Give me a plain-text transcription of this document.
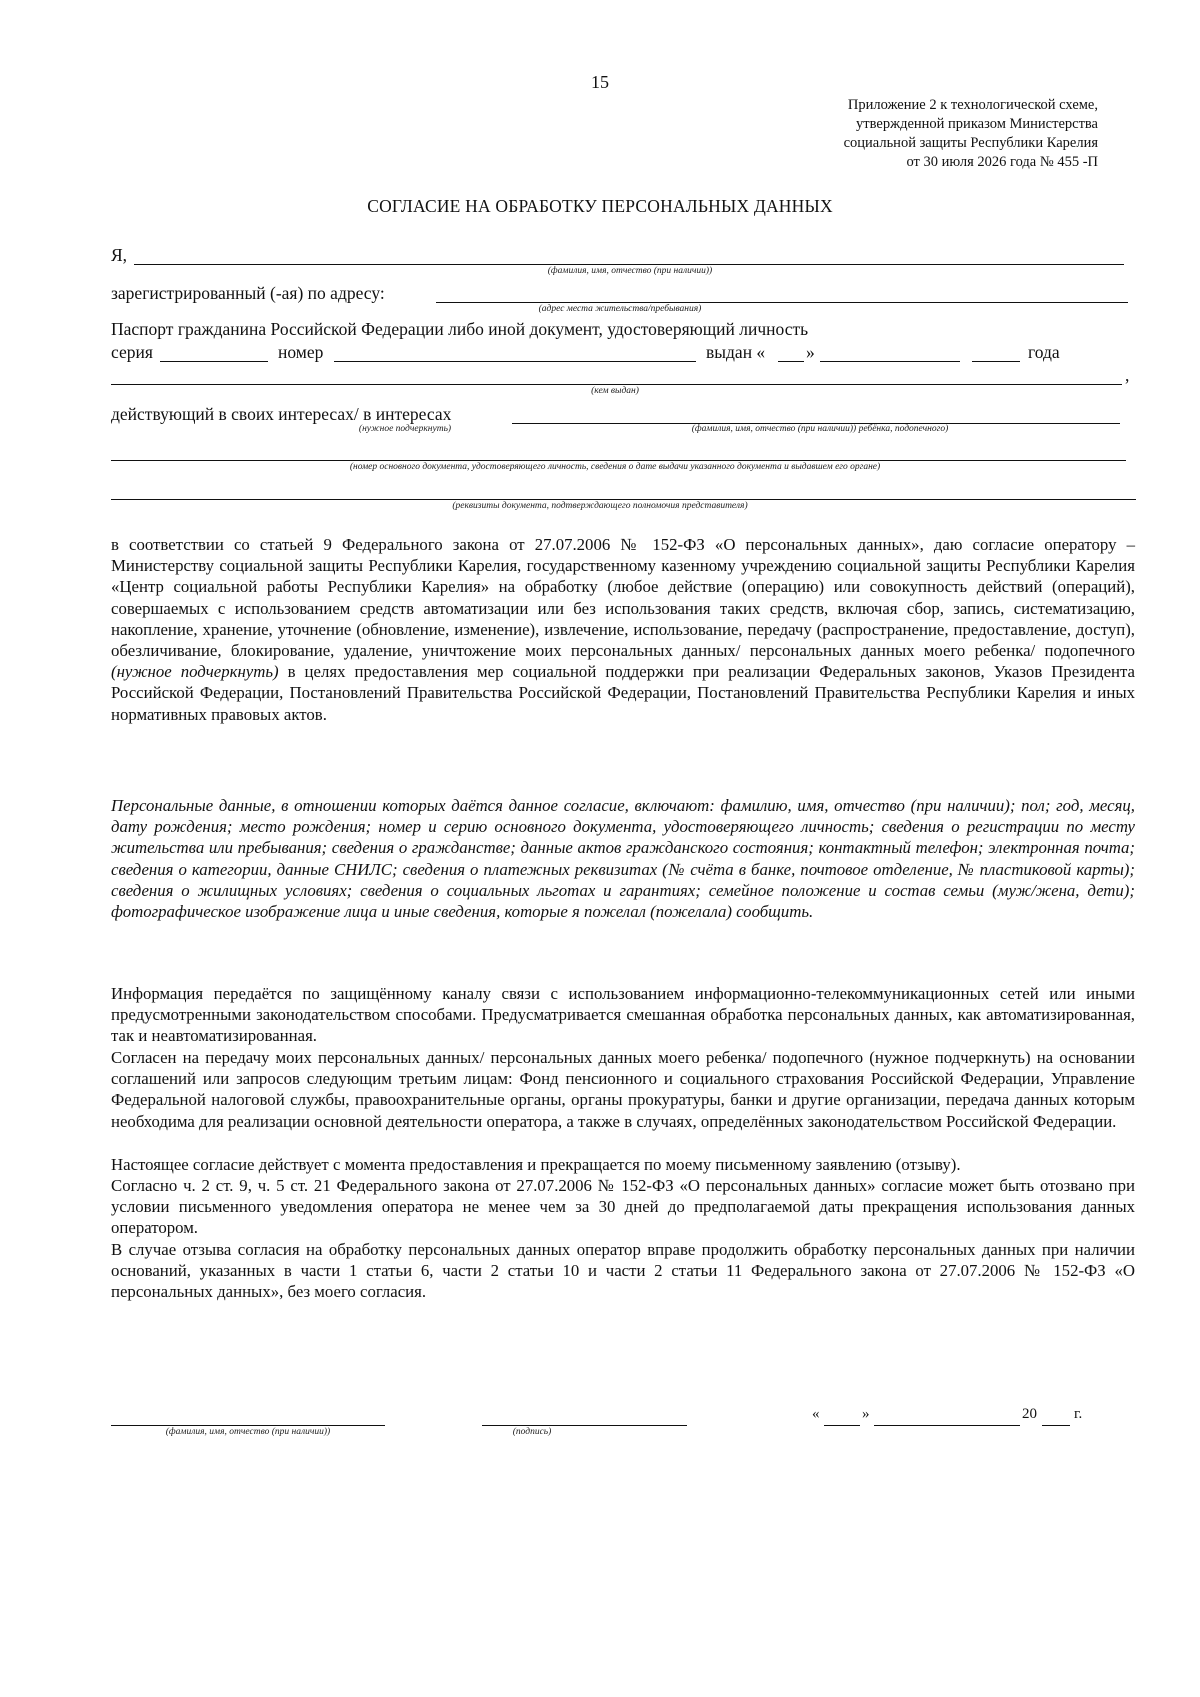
15
Приложение 2 к технологической схеме,
утвержденной приказом Министерства
социальной защиты Республики Карелия
от 30 июля 2026 года № 455 -П
СОГЛАСИЕ НА ОБРАБОТКУ ПЕРСОНАЛЬНЫХ ДАННЫХ
Я,
(фамилия, имя, отчество (при наличии))
зарегистрированный (-ая) по адресу:
(адрес места жительства/пребывания)
Паспорт гражданина Российской Федерации либо иной документ, удостоверяющий личность
серия	номер	выдан « »	года
,
(кем выдан)
действующий в своих интересах/ в интересах
(нужное подчеркнуть)	(фамилия, имя, отчество (при наличии)) ребёнка, подопечного)
(номер основного документа, удостоверяющего личность, сведения о дате выдачи указанного документа и выдавшем его органе)
(реквизиты документа, подтверждающего полномочия представителя)

в соответствии со статьей 9 Федерального закона от 27.07.2006 № 152-ФЗ «О персональных данных», даю согласие оператору – Министерству социальной защиты Республики Карелия, государственному казенному учреждению социальной защиты Республики Карелия «Центр социальной работы Республики Карелия» на обработку (любое действие (операцию) или совокупность действий (операций), совершаемых с использованием средств автоматизации или без использования таких средств, включая сбор, запись, систематизацию, накопление, хранение, уточнение (обновление, изменение), извлечение, использование, передачу (распространение, предоставление, доступ), обезличивание, блокирование, удаление, уничтожение моих персональных данных/ персональных данных моего ребенка/ подопечного (нужное подчеркнуть) в целях предоставления мер социальной поддержки при реализации Федеральных законов, Указов Президента Российской Федерации, Постановлений Правительства Российской Федерации, Постановлений Правительства Республики Карелия и иных нормативных правовых актов.

Персональные данные, в отношении которых даётся данное согласие, включают: фамилию, имя, отчество (при наличии); пол; год, месяц, дату рождения; место рождения; номер и серию основного документа, удостоверяющего личность; сведения о регистрации по месту жительства или пребывания; сведения о гражданстве; данные актов гражданского состояния; контактный телефон; электронная почта; сведения о категории, данные СНИЛС; сведения о платежных реквизитах (№ счёта в банке, почтовое отделение, № пластиковой карты); сведения о жилищных условиях; сведения о социальных льготах и гарантиях; семейное положение и состав семьи (муж/жена, дети); фотографическое изображение лица и иные сведения, которые я пожелал (пожелала) сообщить.

Информация передаётся по защищённому каналу связи с использованием информационно-телекоммуникационных сетей или иными предусмотренными законодательством способами. Предусматривается смешанная обработка персональных данных, как автоматизированная, так и неавтоматизированная.

Согласен на передачу моих персональных данных/ персональных данных моего ребенка/ подопечного (нужное подчеркнуть) на основании соглашений или запросов следующим третьим лицам: Фонд пенсионного и социального страхования Российской Федерации, Управление Федеральной налоговой службы, правоохранительные органы, органы прокуратуры, банки и другие организации, передача данных которым необходима для реализации основной деятельности оператора, а также в случаях, определённых законодательством Российской Федерации.

Настоящее согласие действует с момента предоставления и прекращается по моему письменному заявлению (отзыву).

Согласно ч. 2 ст. 9, ч. 5 ст. 21 Федерального закона от 27.07.2006 № 152-ФЗ «О персональных данных» согласие может быть отозвано при условии письменного уведомления оператора не менее чем за 30 дней до предполагаемой даты прекращения использования данных оператором.

В случае отзыва согласия на обработку персональных данных оператор вправе продолжить обработку персональных данных при наличии оснований, указанных в части 1 статьи 6, части 2 статьи 10 и части 2 статьи 11 Федерального закона от 27.07.2006 № 152-ФЗ «О персональных данных», без моего согласия.

(фамилия, имя, отчество (при наличии))	(подпись)
«	»	20 г.
